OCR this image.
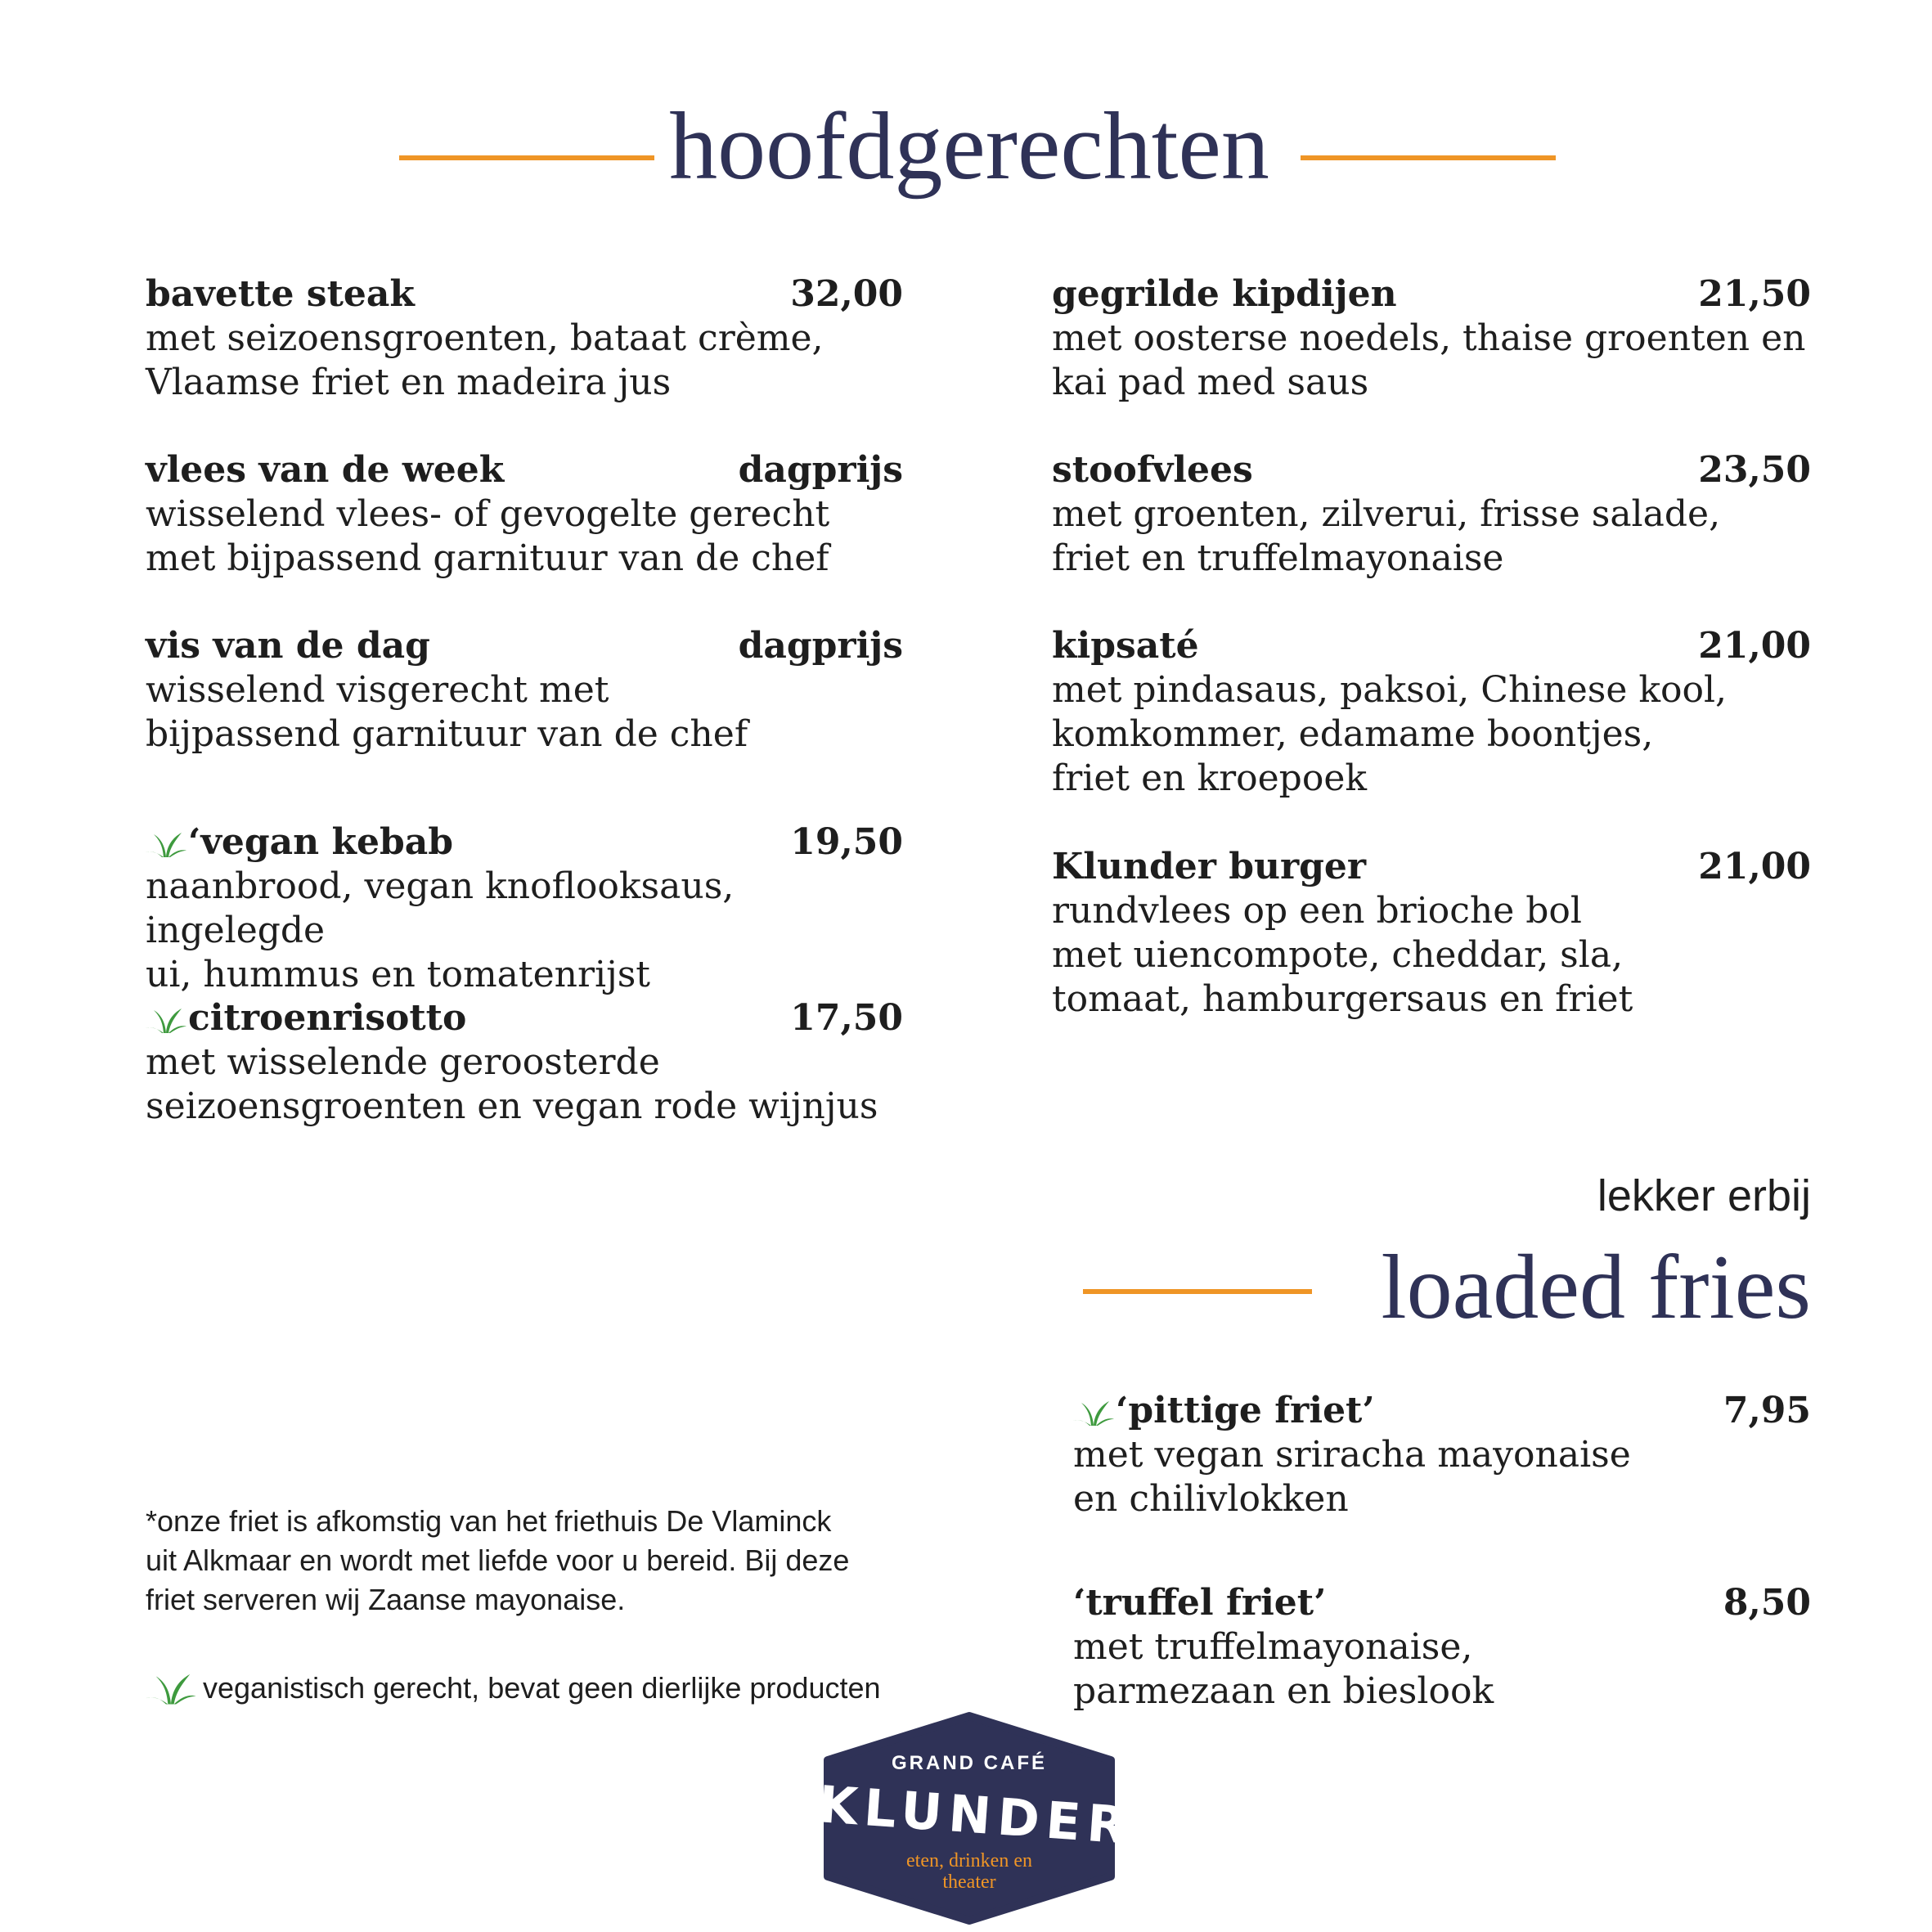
hoofdgerechten
bavette steak	32,00
met seizoensgroenten, bataat crème,
Vlaamse friet en madeira jus
vlees van de week	dagprijs
wisselend vlees- of gevogelte gerecht
met bijpassend garnituur van de chef
vis van de dag	dagprijs
wisselend visgerecht met
bijpassend garnituur van de chef
‘vegan kebab	19,50
naanbrood, vegan knoflooksaus, ingelegde
ui, hummus en tomatenrijst
citroenrisotto	17,50
met wisselende geroosterde
seizoensgroenten en vegan rode wijnjus
gegrilde kipdijen	21,50
met oosterse noedels, thaise groenten en
kai pad med saus
stoofvlees	23,50
met groenten, zilverui, frisse salade,
friet en truffelmayonaise
kipsaté	21,00
met pindasaus, paksoi, Chinese kool,
komkommer, edamame boontjes,
friet en kroepoek
Klunder burger	21,00
rundvlees op een brioche bol
met uiencompote, cheddar, sla,
tomaat, hamburgersaus en friet
lekker erbij
loaded fries
‘pittige friet’	7,95
met vegan sriracha mayonaise
en chilivlokken
‘truffel friet’	8,50
met truffelmayonaise,
parmezaan en bieslook
*onze friet is afkomstig van het friethuis De Vlaminck
uit Alkmaar en wordt met liefde voor u bereid. Bij deze
friet serveren wij Zaanse mayonaise.
veganistisch gerecht, bevat geen dierlijke producten
GRAND CAFÉ
KLUNDER
eten, drinken en
theater
